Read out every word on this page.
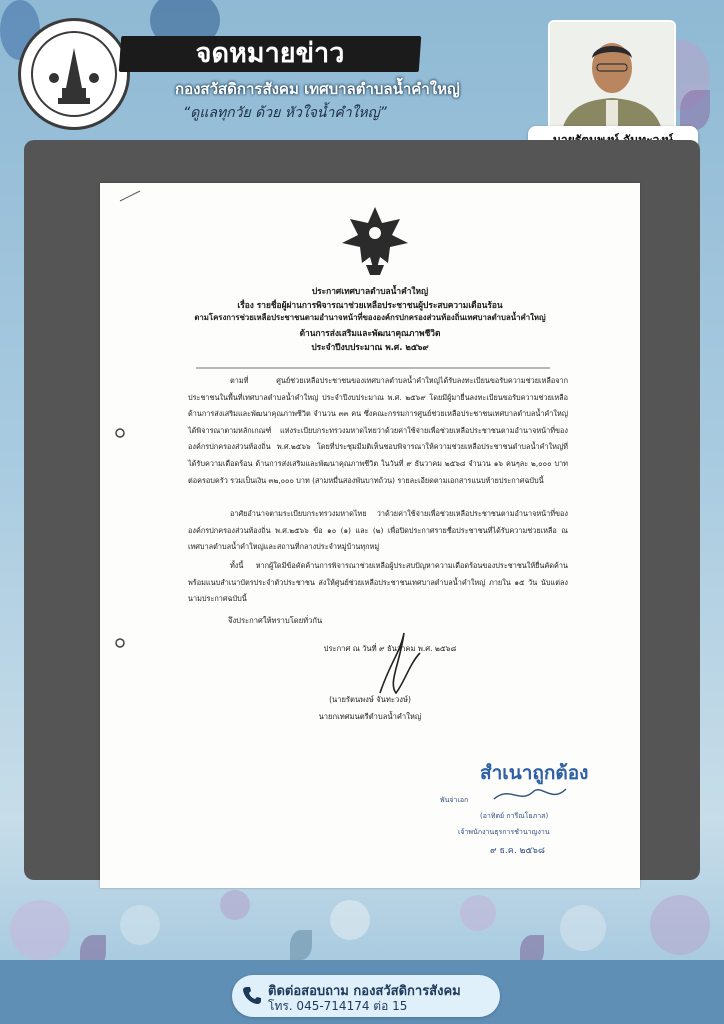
จดหมายข่าว
กองสวัสดิการสังคม เทศบาลตำบลน้ำคำใหญ่
“ดูแลทุกวัย ด้วย หัวใจน้ำคำใหญ่”
ประกาศเทศบาลตำบลน้ำคำใหญ่
เรื่อง รายชื่อผู้ผ่านการพิจารณาช่วยเหลือประชาชนผู้ประสบความเดือนร้อน
ตามโครงการช่วยเหลือประชาชนตามอำนาจหน้าที่ขององค์กรปกครองส่วนท้องถิ่นเทศบาลตำบลน้ำคำใหญ่
ด้านการส่งเสริมและพัฒนาคุณภาพชีวิต
ประจำปีงบประมาณ พ.ศ. ๒๕๖๙
ตามที่ ศูนย์ช่วยเหลือประชาชนของเทศบาลตำบลน้ำคำใหญ่ได้รับลงทะเบียนขอรับความช่วยเหลือจากประชาชนในพื้นที่เทศบาลตำบลน้ำคำใหญ่ ประจำปีงบประมาณ พ.ศ. ๒๕๖๙ โดยมีผู้มายื่นลงทะเบียนขอรับความช่วยเหลือด้านการส่งเสริมและพัฒนาคุณภาพชีวิต จำนวน ๓๓ คน ซึ่งคณะกรรมการศูนย์ช่วยเหลือประชาชนเทศบาลตำบลน้ำคำใหญ่ได้พิจารณาตามหลักเกณฑ์ แห่งระเบียบกระทรวงมหาดไทยว่าด้วยค่าใช้จ่ายเพื่อช่วยเหลือประชาชนตามอำนาจหน้าที่ขององค์กรปกครองส่วนท้องถิ่น พ.ศ.๒๕๖๖ โดยที่ประชุมมีมติเห็นชอบพิจารณาให้ความช่วยเหลือประชาชนตำบลน้ำคำใหญ่ที่ได้รับความเดือดร้อน ด้านการส่งเสริมและพัฒนาคุณภาพชีวิต ในวันที่ ๙ ธันวาคม ๒๕๖๘ จำนวน ๑๖ คนๆละ ๒,๐๐๐ บาท ต่อครอบครัว รวมเป็นเงิน ๓๒,๐๐๐ บาท (สามหมื่นสองพันบาทถ้วน) รายละเอียดตามเอกสารแนบท้ายประกาศฉบับนี้
อาศัยอำนาจตามระเบียบกระทรวงมหาดไทย ว่าด้วยค่าใช้จ่ายเพื่อช่วยเหลือประชาชนตามอำนาจหน้าที่ขององค์กรปกครองส่วนท้องถิ่น พ.ศ.๒๕๖๖ ข้อ ๑๐ (๑) และ (๒) เพื่อปิดประกาศรายชื่อประชาชนที่ได้รับความช่วยเหลือ ณ เทศบาลตำบลน้ำคำใหญ่และสถานที่กลางประจำหมู่บ้านทุกหมู่
ทั้งนี้ หากผู้ใดมีข้อคัดค้านการพิจารณาช่วยเหลือผู้ประสบปัญหาความเดือดร้อนของประชาชนให้ยื่นคัดค้านพร้อมแนบสำเนาบัตรประจำตัวประชาชน ส่งให้ศูนย์ช่วยเหลือประชาชนเทศบาลตำบลน้ำคำใหญ่ ภายใน ๑๕ วัน นับแต่ลงนามประกาศฉบับนี้
จึงประกาศให้ทราบโดยทั่วกัน
ประกาศ ณ วันที่ ๙ ธันวาคม พ.ศ. ๒๕๖๘
(นายรัตนพงษ์ จันทะวงษ์)
นายกเทศมนตรีตำบลน้ำคำใหญ่
สำเนาถูกต้อง
พันจ่าเอก
(อาทิตย์ การีณโยภาส)
เจ้าพนักงานธุรการชำนาญงาน
๙ ธ.ค. ๒๕๖๘
ติดต่อสอบถาม กองสวัสดิการสังคม
โทร. 045-714174 ต่อ 15
